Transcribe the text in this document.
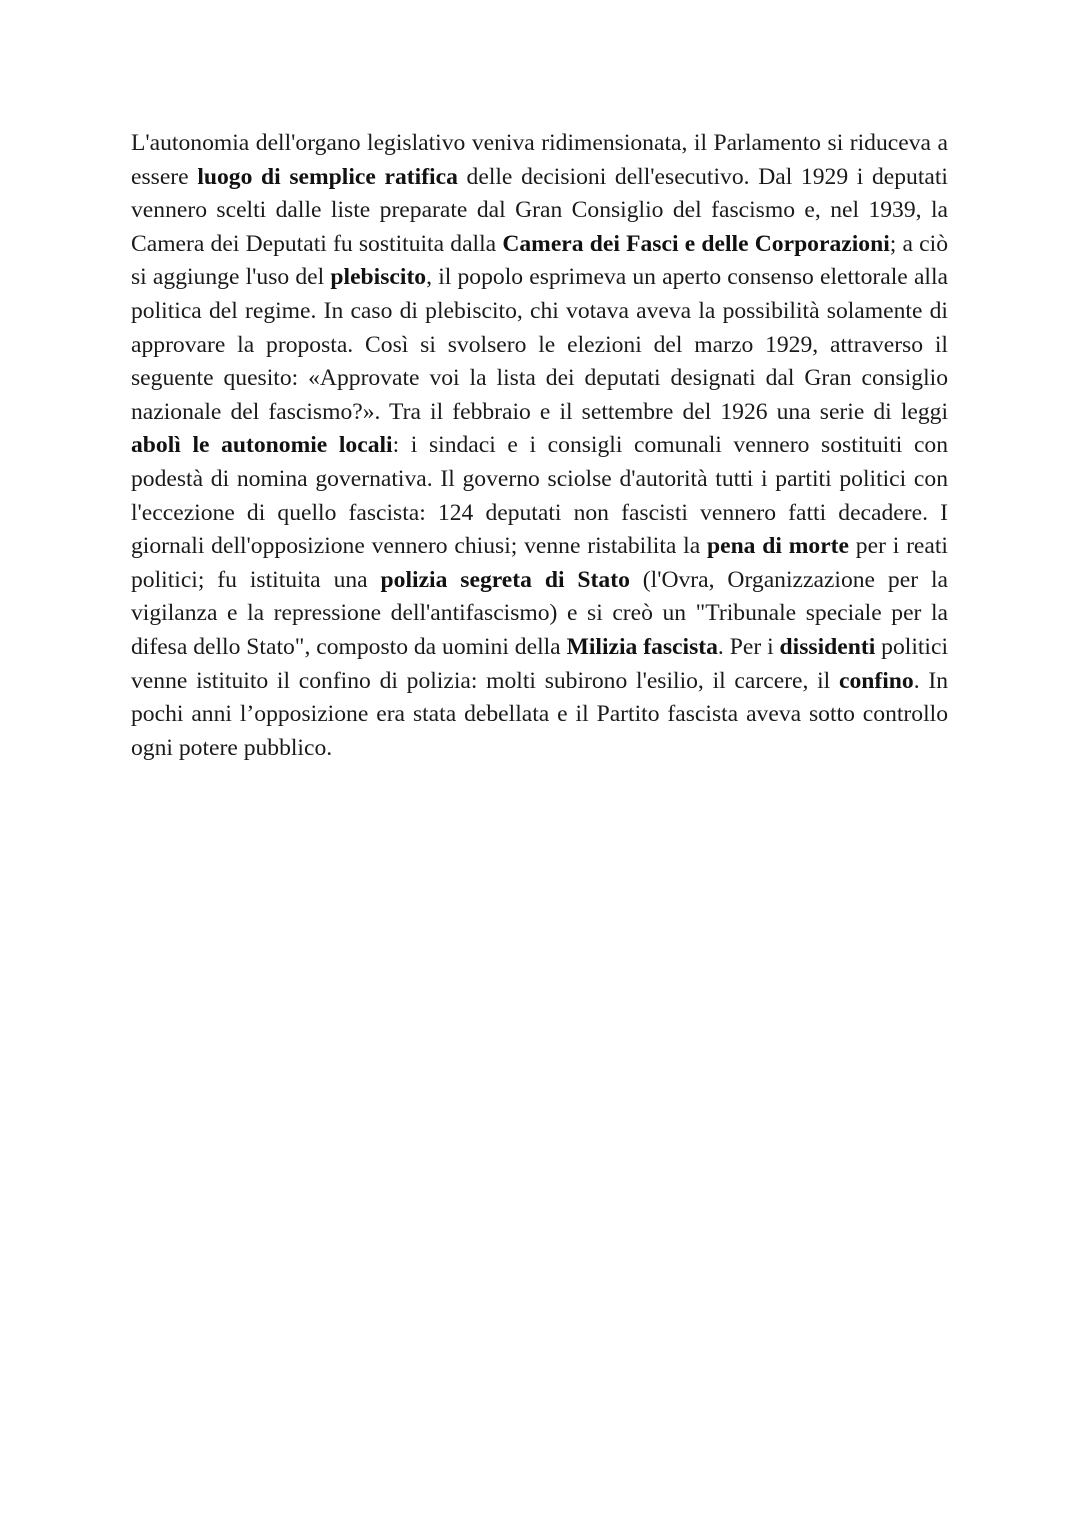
L'autonomia dell'organo legislativo veniva ridimensionata, il Parlamento si riduceva a essere luogo di semplice ratifica delle decisioni dell'esecutivo. Dal 1929 i deputati vennero scelti dalle liste preparate dal Gran Consiglio del fascismo e, nel 1939, la Camera dei Deputati fu sostituita dalla Camera dei Fasci e delle Corporazioni; a ciò si aggiunge l'uso del plebiscito, il popolo esprimeva un aperto consenso elettorale alla politica del regime. In caso di plebiscito, chi votava aveva la possibilità solamente di approvare la proposta. Così si svolsero le elezioni del marzo 1929, attraverso il seguente quesito: «Approvate voi la lista dei deputati designati dal Gran consiglio nazionale del fascismo?». Tra il febbraio e il settembre del 1926 una serie di leggi abolì le autonomie locali: i sindaci e i consigli comunali vennero sostituiti con podestà di nomina governativa. Il governo sciolse d'autorità tutti i partiti politici con l'eccezione di quello fascista: 124 deputati non fascisti vennero fatti decadere. I giornali dell'opposizione vennero chiusi; venne ristabilita la pena di morte per i reati politici; fu istituita una polizia segreta di Stato (l'Ovra, Organizzazione per la vigilanza e la repressione dell'antifascismo) e si creò un "Tribunale speciale per la difesa dello Stato", composto da uomini della Milizia fascista. Per i dissidenti politici venne istituito il confino di polizia: molti subirono l'esilio, il carcere, il confino. In pochi anni l’opposizione era stata debellata e il Partito fascista aveva sotto controllo ogni potere pubblico.
